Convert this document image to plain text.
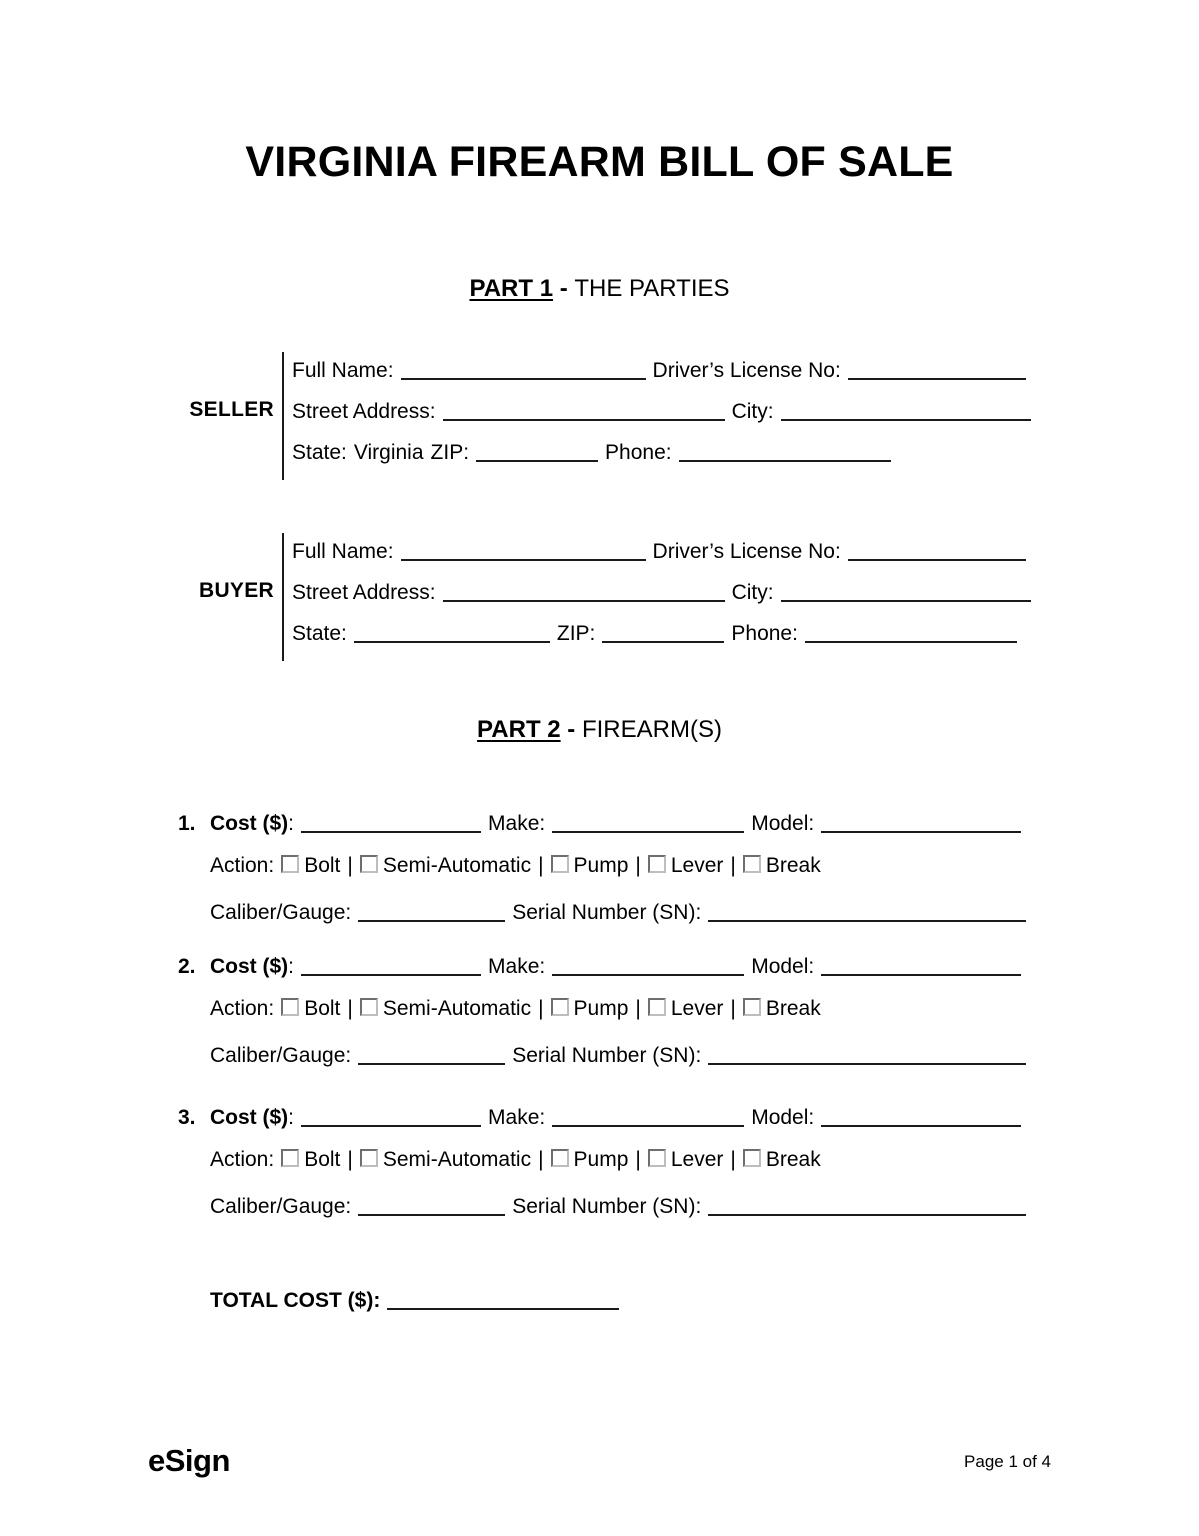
VIRGINIA FIREARM BILL OF SALE
PART 1 - THE PARTIES
SELLER
Full Name:	Driver’s License No:
Street Address:	City:
State: Virginia ZIP:	Phone:
BUYER
Full Name:	Driver’s License No:
Street Address:	City:
State:	ZIP:	Phone:
PART 2 - FIREARM(S)
1. Cost ($):	Make:	Model:
Action: Bolt | Semi-Automatic | Pump | Lever | Break
Caliber/Gauge:	Serial Number (SN):
2. Cost ($):	Make:	Model:
Action: Bolt | Semi-Automatic | Pump | Lever | Break
Caliber/Gauge:	Serial Number (SN):
3. Cost ($):	Make:	Model:
Action: Bolt | Semi-Automatic | Pump | Lever | Break
Caliber/Gauge:	Serial Number (SN):
TOTAL COST ($):
eSign	Page 1 of 4
